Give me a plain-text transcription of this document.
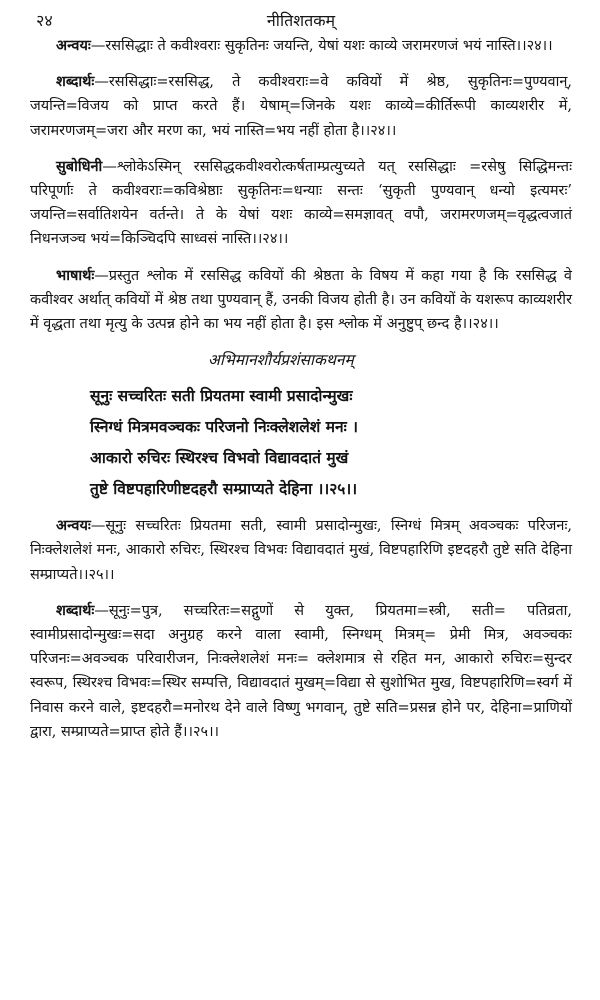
२४	नीतिशतकम्

अन्वयः—रससिद्धाः ते कवीश्वराः सुकृतिनः जयन्ति, येषां यशः काव्ये जरामरणजं भयं नास्ति।।२४।।

शब्दार्थः—रससिद्धाः=रससिद्ध, ते कवीश्वराः=वे कवियों में श्रेष्ठ, सुकृतिनः=पुण्यवान्, जयन्ति=विजय को प्राप्त करते हैं। येषाम्=जिनके यशः काव्ये=कीर्तिरूपी काव्यशरीर में, जरामरणजम्=जरा और मरण का, भयं नास्ति=भय नहीं होता है।।२४।।

सुबोधिनी—श्लोकेऽस्मिन् रससिद्धकवीश्वरोत्कर्षताम्प्रत्युच्यते यत् रससिद्धाः =रसेषु सिद्धिमन्तः परिपूर्णाः ते कवीश्वराः=कविश्रेष्ठाः सुकृतिनः=धन्याः सन्तः ‘सुकृती पुण्यवान् धन्यो इत्यमरः’ जयन्ति=सर्वातिशयेन वर्तन्ते। ते के येषां यशः काव्ये=समज्ञावत् वपौ, जरामरणजम्=वृद्धत्वजातं निधनजञ्च भयं=किञ्चिदपि साध्वसं नास्ति।।२४।।

भाषार्थः—प्रस्तुत श्लोक में रससिद्ध कवियों की श्रेष्ठता के विषय में कहा गया है कि रससिद्ध वे कवीश्वर अर्थात् कवियों में श्रेष्ठ तथा पुण्यवान् हैं, उनकी विजय होती है। उन कवियों के यशरूप काव्यशरीर में वृद्धता तथा मृत्यु के उत्पन्न होने का भय नहीं होता है। इस श्लोक में अनुष्टुप् छन्द है।।२४।।

अभिमानशौर्यप्रशंसाकथनम्
सूनुः सच्चरितः सती प्रियतमा स्वामी प्रसादोन्मुखः
स्निग्धं मित्रमवञ्चकः परिजनो निःक्लेशलेशं मनः ।
आकारो रुचिरः स्थिरश्च विभवो विद्यावदातं मुखं
तुष्टे विष्टपहारिणीष्टदहरौ सम्प्राप्यते देहिना ।।२५।।

अन्वयः—सूनुः सच्चरितः प्रियतमा सती, स्वामी प्रसादोन्मुखः, स्निग्धं मित्रम् अवञ्चकः परिजनः, निःक्लेशलेशं मनः, आकारो रुचिरः, स्थिरश्च विभवः विद्यावदातं मुखं, विष्टपहारिणि इष्टदहरौ तुष्टे सति देहिना सम्प्राप्यते।।२५।।

शब्दार्थः—सूनुः=पुत्र, सच्चरितः=सद्गुणों से युक्त, प्रियतमा=स्त्री, सती= पतिव्रता, स्वामीप्रसादोन्मुखः=सदा अनुग्रह करने वाला स्वामी, स्निग्धम् मित्रम्= प्रेमी मित्र, अवञ्चकः परिजनः=अवञ्चक परिवारीजन, निःक्लेशलेशं मनः= क्लेशमात्र से रहित मन, आकारो रुचिरः=सुन्दर स्वरूप, स्थिरश्च विभवः=स्थिर सम्पत्ति, विद्यावदातं मुखम्=विद्या से सुशोभित मुख, विष्टपहारिणि=स्वर्ग में निवास करने वाले, इष्टदहरौ=मनोरथ देने वाले विष्णु भगवान्, तुष्टे सति=प्रसन्न होने पर, देहिना=प्राणियों द्वारा, सम्प्राप्यते=प्राप्त होते हैं।।२५।।
